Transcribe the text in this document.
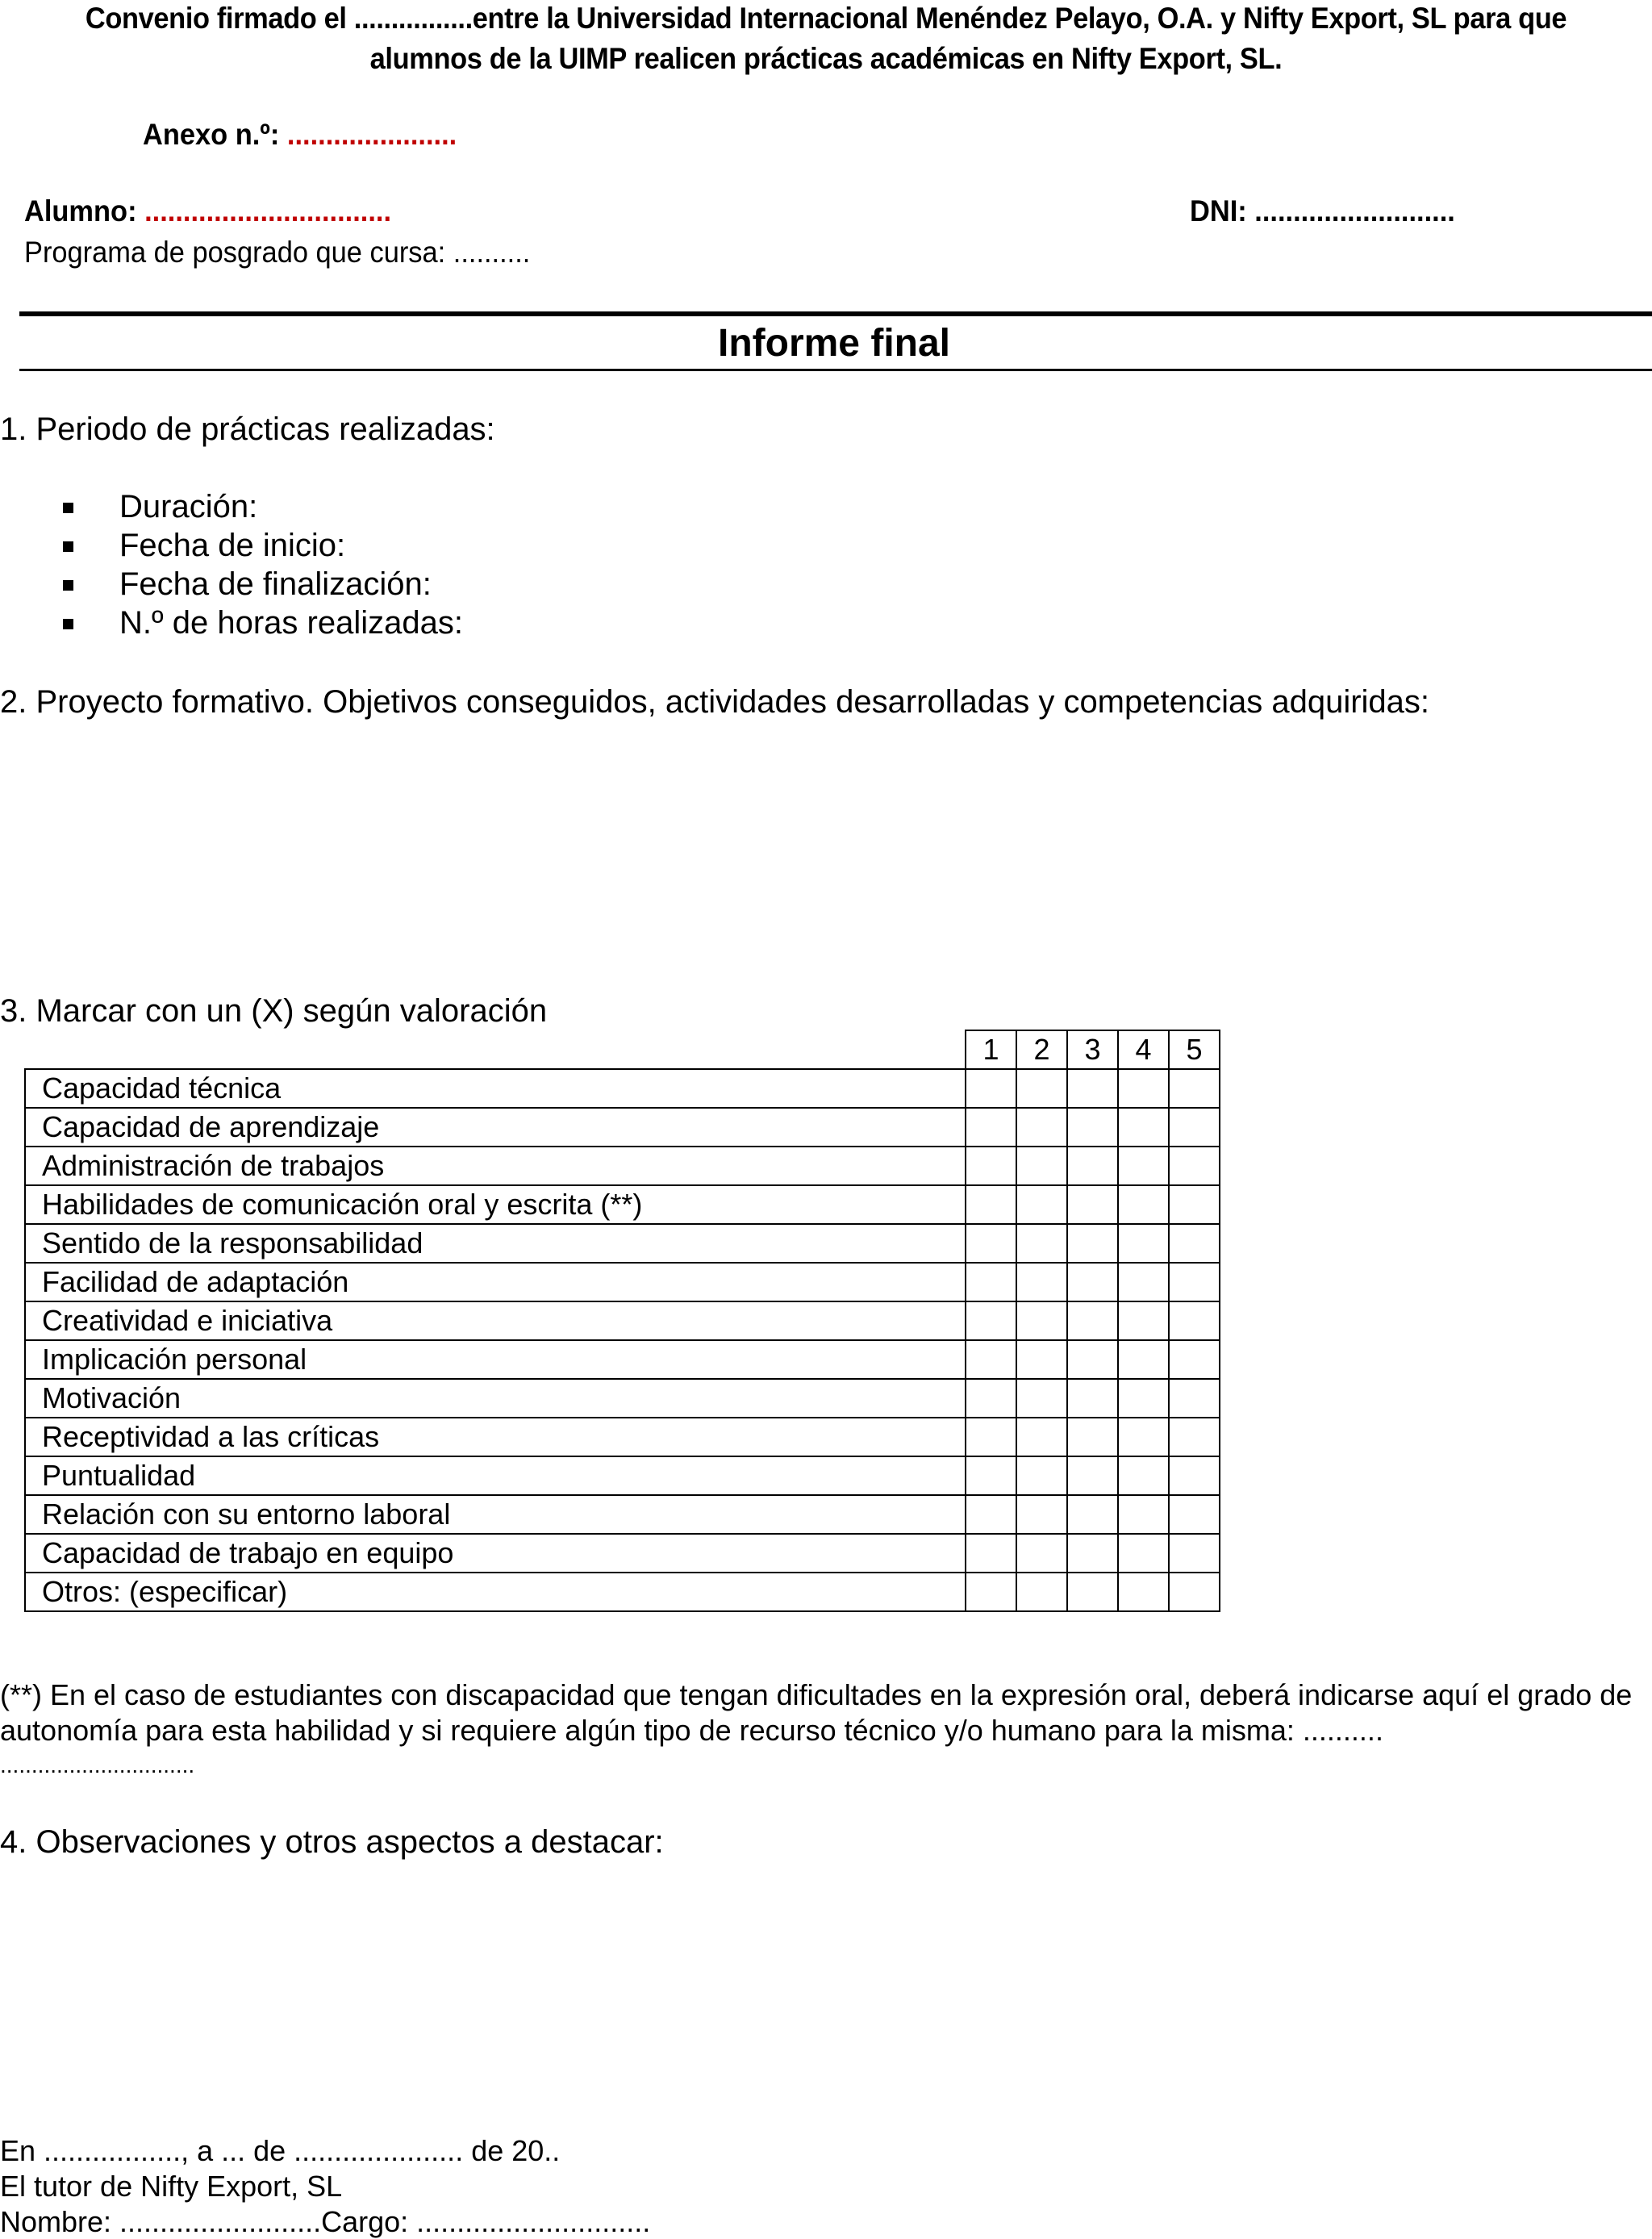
Convenio firmado el ................entre la Universidad Internacional Menéndez Pelayo, O.A. y Nifty Export, SL para que
alumnos de la UIMP realicen prácticas académicas en Nifty Export, SL.
Anexo n.º: ......................
Alumno: ................................	DNI: ..........................
Programa de posgrado que cursa: ..........
Informe final
1. Periodo de prácticas realizadas:
Duración:
Fecha de inicio:
Fecha de finalización:
N.º de horas realizadas:
2. Proyecto formativo. Objetivos conseguidos, actividades desarrolladas y competencias adquiridas:
3. Marcar con un (X) según valoración
	1	2	3	4	5
Capacidad técnica					
Capacidad de aprendizaje					
Administración de trabajos					
Habilidades de comunicación oral y escrita (**)					
Sentido de la responsabilidad					
Facilidad de adaptación					
Creatividad e iniciativa					
Implicación personal					
Motivación					
Receptividad a las críticas					
Puntualidad					
Relación con su entorno laboral					
Capacidad de trabajo en equipo					
Otros: (especificar)					
(**) En el caso de estudiantes con discapacidad que tengan dificultades en la expresión oral, deberá indicarse aquí el grado de
autonomía para esta habilidad y si requiere algún tipo de recurso técnico y/o humano para la misma: ..........
...............................
4. Observaciones y otros aspectos a destacar:
En ................., a ... de ..................... de 20..
El tutor de Nifty Export, SL
Nombre: .........................Cargo: .............................
